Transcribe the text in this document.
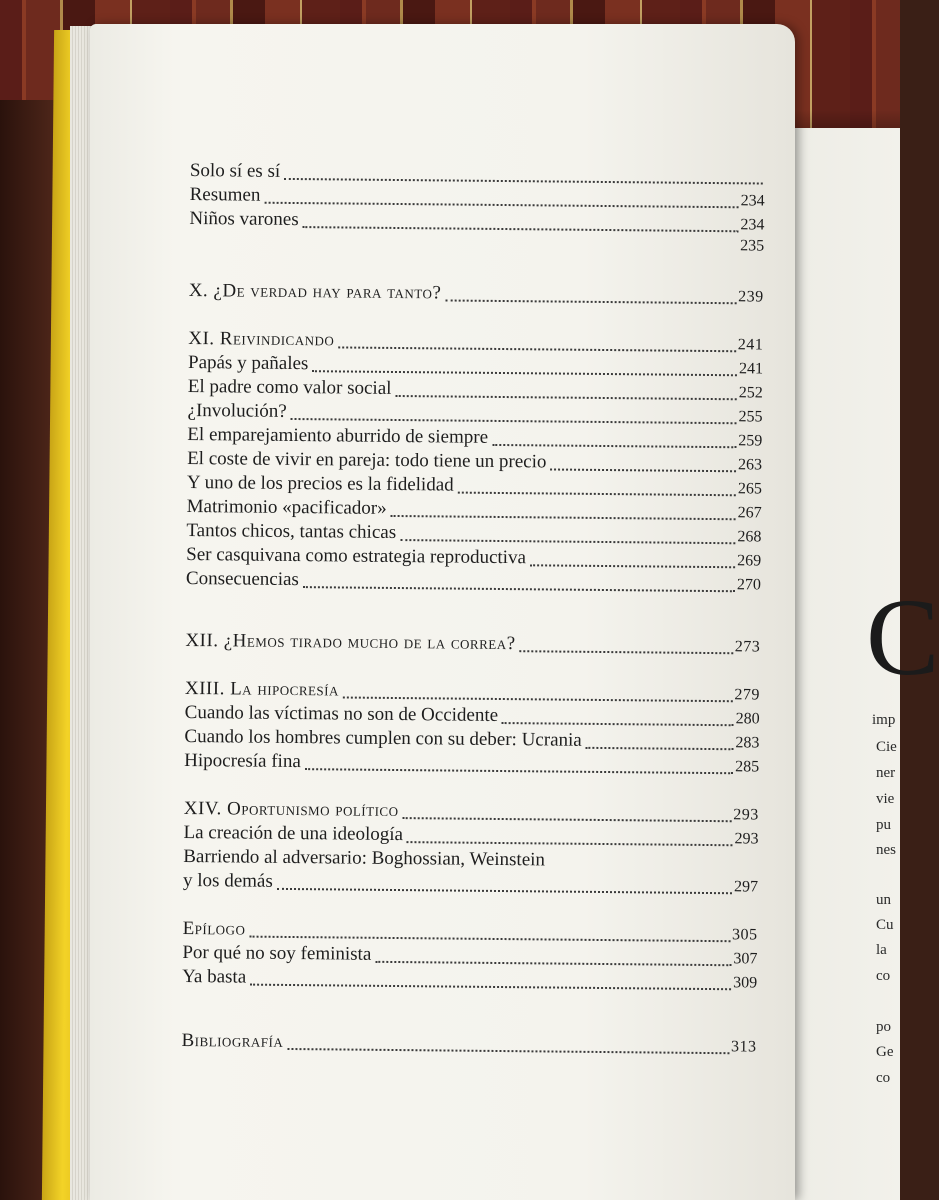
C
imp
Cie
ner
vie
pu
nes
un
Cu
la
co
po
Ge
co
Solo sí es sí
Resumen	234
Niños varones	234
235
X. ¿De verdad hay para tanto?	239
XI. Reivindicando	241
Papás y pañales	241
El padre como valor social	252
¿Involución?	255
El emparejamiento aburrido de siempre	259
El coste de vivir en pareja: todo tiene un precio	263
Y uno de los precios es la fidelidad	265
Matrimonio «pacificador»	267
Tantos chicos, tantas chicas	268
Ser casquivana como estrategia reproductiva	269
Consecuencias	270
XII. ¿Hemos tirado mucho de la correa?	273
XIII. La hipocresía	279
Cuando las víctimas no son de Occidente	280
Cuando los hombres cumplen con su deber: Ucrania	283
Hipocresía fina	285
XIV. Oportunismo político	293
La creación de una ideología	293
Barriendo al adversario: Boghossian, Weinstein
y los demás	297
Epílogo	305
Por qué no soy feminista	307
Ya basta	309
Bibliografía	313
